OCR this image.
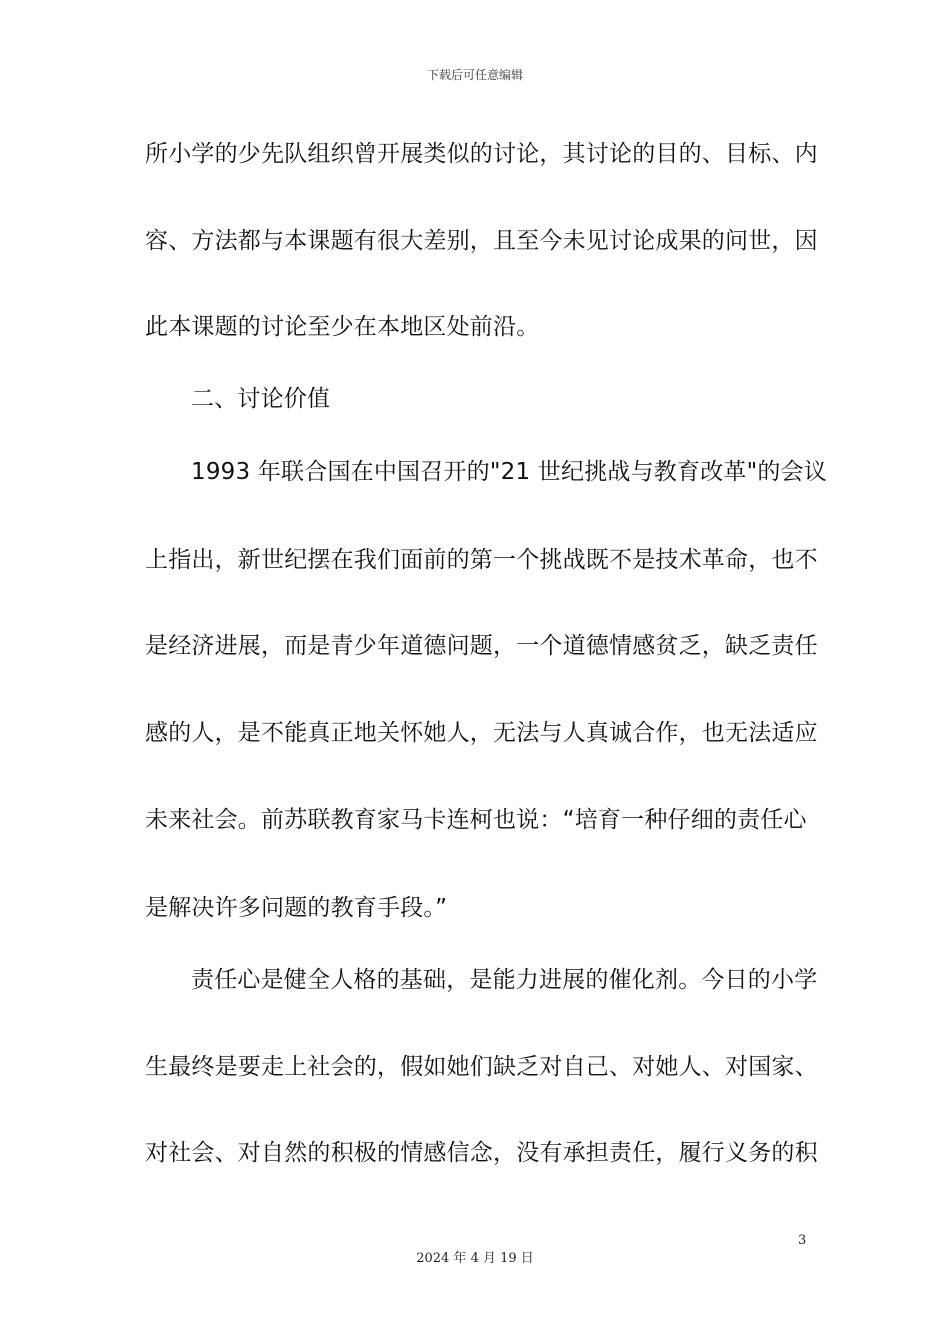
下载后可任意编辑
所小学的少先队组织曾开展类似的讨论，其讨论的目的、目标、内
容、方法都与本课题有很大差别，且至今未见讨论成果的问世，因
此本课题的讨论至少在本地区处前沿。
二、讨论价值
1993 年联合国在中国召开的"21 世纪挑战与教育改革"的会议
上指出，新世纪摆在我们面前的第一个挑战既不是技术革命，也不
是经济进展，而是青少年道德问题，一个道德情感贫乏，缺乏责任
感的人，是不能真正地关怀她人，无法与人真诚合作，也无法适应
未来社会。前苏联教育家马卡连柯也说：“培育一种仔细的责任心
是解决许多问题的教育手段。”
责任心是健全人格的基础，是能力进展的催化剂。今日的小学
生最终是要走上社会的，假如她们缺乏对自己、对她人、对国家、
对社会、对自然的积极的情感信念，没有承担责任，履行义务的积
3
2024 年 4 月 19 日
